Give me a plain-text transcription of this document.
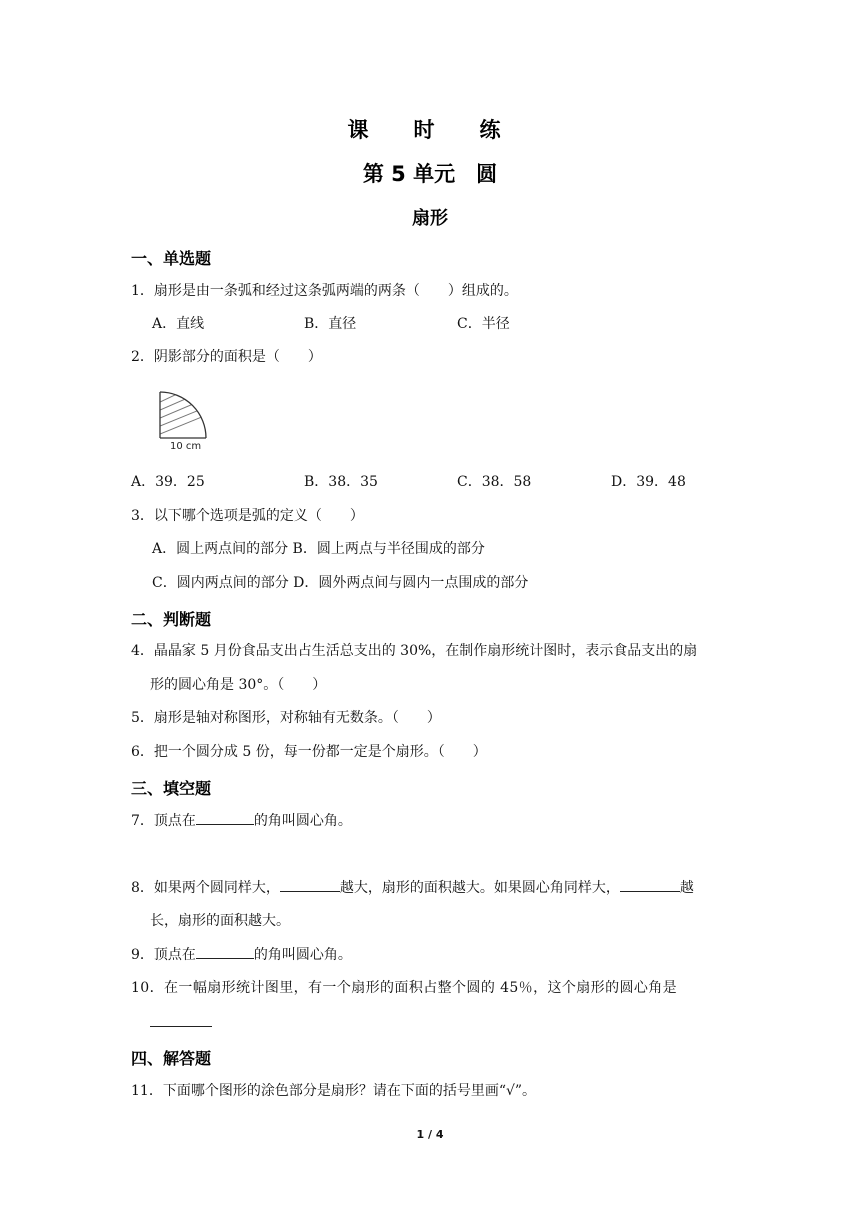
课　时　练
第 5 单元　圆
扇形
一、单选题
1．扇形是由一条弧和经过这条弧两端的两条（　　）组成的。
A．直线	B．直径	C．半径
2．阴影部分的面积是（　　）
10 cm
A．39．25	B．38．35	C．38．58	D．39．48
3．以下哪个选项是弧的定义（　　）
A．圆上两点间的部分 B．圆上两点与半径围成的部分
C．圆内两点间的部分 D．圆外两点间与圆内一点围成的部分
二、判断题
4．晶晶家 5 月份食品支出占生活总支出的 30%，在制作扇形统计图时，表示食品支出的扇
形的圆心角是 30°。（　　）
5．扇形是轴对称图形，对称轴有无数条。（　　）
6．把一个圆分成 5 份，每一份都一定是个扇形。（　　）
三、填空题
7．顶点在	的角叫圆心角。
8．如果两个圆同样大，	越大，扇形的面积越大。如果圆心角同样大，	越
长，扇形的面积越大。
9．顶点在	的角叫圆心角。
10．在一幅扇形统计图里，有一个扇形的面积占整个圆的 45％，这个扇形的圆心角是
四、解答题
11．下面哪个图形的涂色部分是扇形？请在下面的括号里画“√”。
1 / 4
